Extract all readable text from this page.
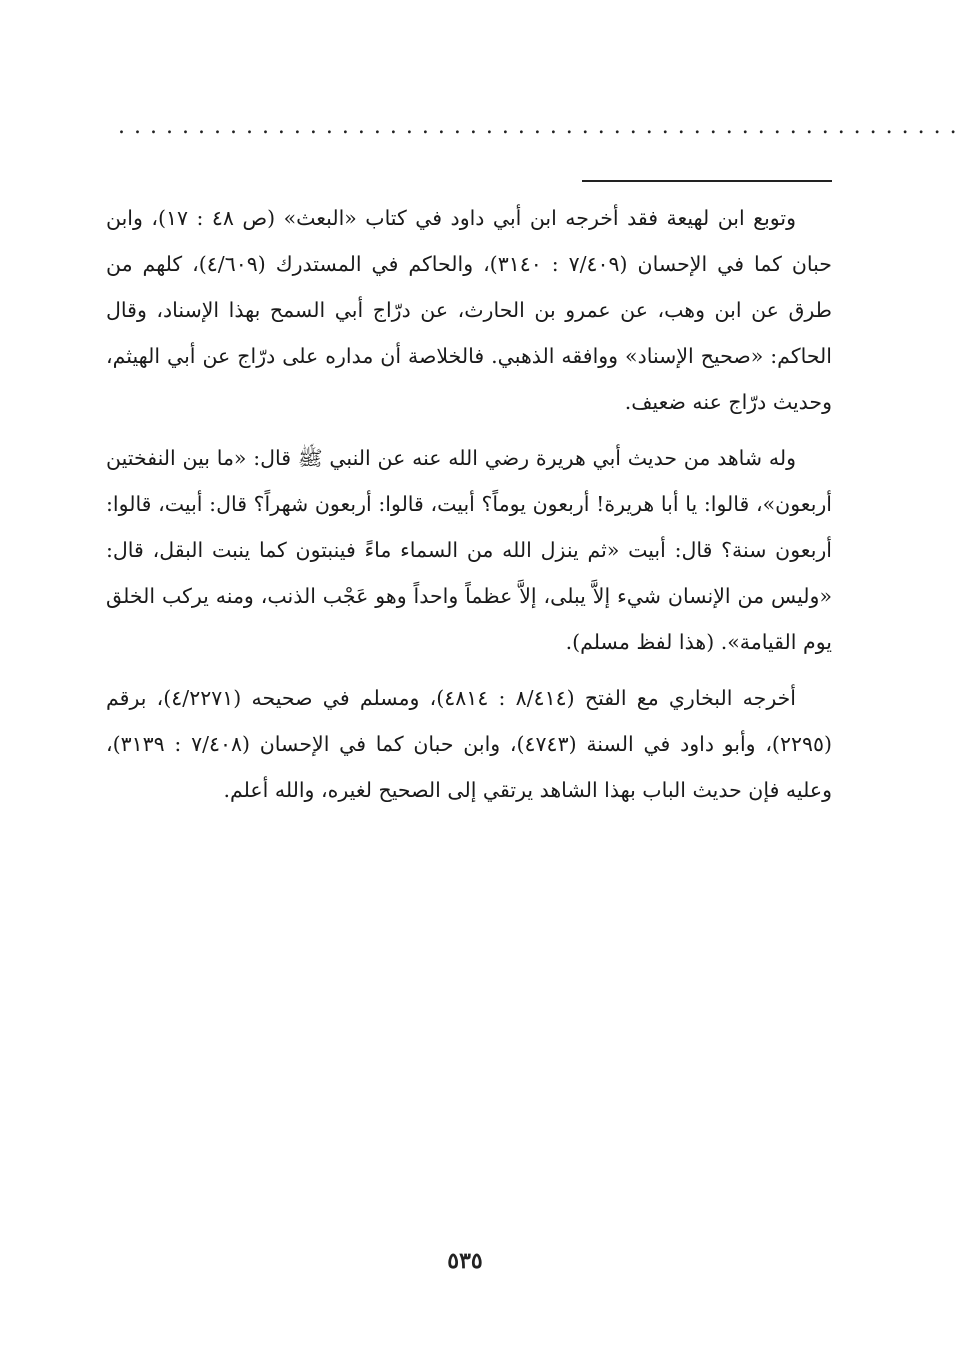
.....................................................

وتوبع ابن لهيعة فقد أخرجه ابن أبي داود في كتاب «البعث» (ص ٤٨ : ١٧)، وابن حبان كما في الإحسان (٧/٤٠٩ : ٣١٤٠)، والحاكم في المستدرك (٤/٦٠٩)، كلهم من طرق عن ابن وهب، عن عمرو بن الحارث، عن درّاج أبي السمح بهذا الإسناد، وقال الحاكم: «صحيح الإسناد» ووافقه الذهبي. فالخلاصة أن مداره على درّاج عن أبي الهيثم، وحديث درّاج عنه ضعيف.

وله شاهد من حديث أبي هريرة رضي الله عنه عن النبي ﷺ قال: «ما بين النفختين أربعون»، قالوا: يا أبا هريرة! أربعون يوماً؟ أبيت، قالوا: أربعون شهراً؟ قال: أبيت، قالوا: أربعون سنة؟ قال: أبيت «ثم ينزل الله من السماء ماءً فينبتون كما ينبت البقل، قال: «وليس من الإنسان شيء إلاَّ يبلى، إلاَّ عظماً واحداً وهو عَجْب الذنب، ومنه يركب الخلق يوم القيامة». (هذا لفظ مسلم).

أخرجه البخاري مع الفتح (٨/٤١٤ : ٤٨١٤)، ومسلم في صحيحه (٤/٢٢٧١)، برقم (٢٢٩٥)، وأبو داود في السنة (٤٧٤٣)، وابن حبان كما في الإحسان (٧/٤٠٨ : ٣١٣٩)، وعليه فإن حديث الباب بهذا الشاهد يرتقي إلى الصحيح لغيره، والله أعلم.

٥٣٥
